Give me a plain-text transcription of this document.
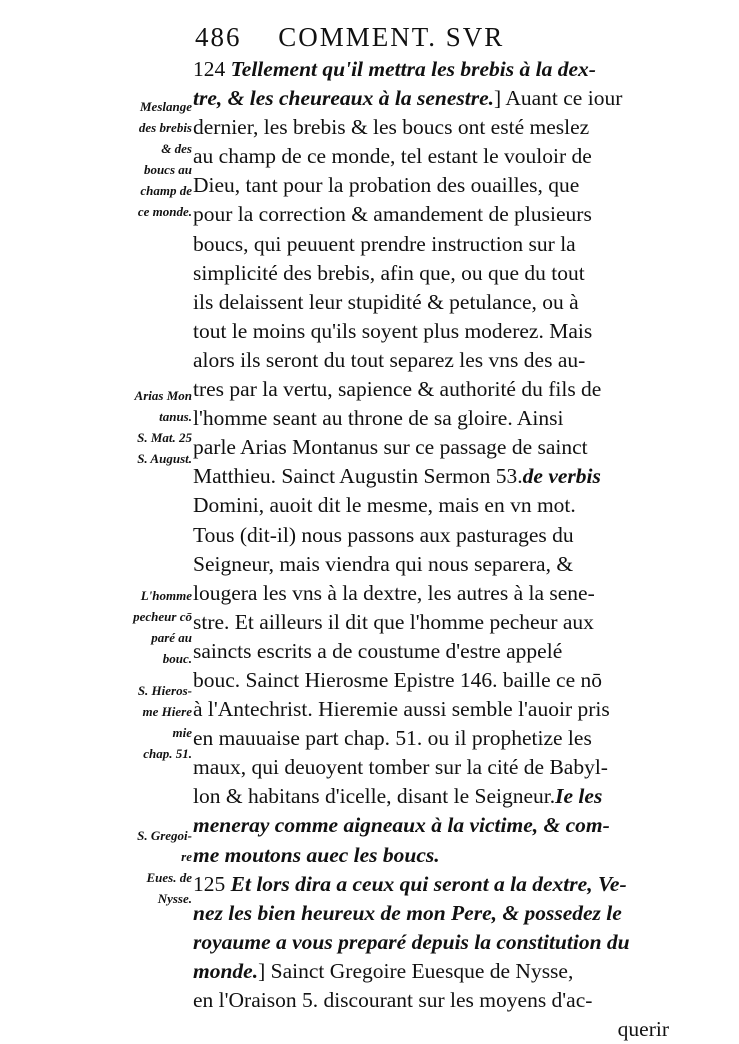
486 COMMENT. SVR
124 Tellement qu'il mettra les brebis à la dex-
tre, & les cheureaux à la senestre.] Auant ce iour
dernier, les brebis & les boucs ont esté meslez
au champ de ce monde, tel estant le vouloir de
Dieu, tant pour la probation des ouailles, que
pour la correction & amandement de plusieurs
boucs, qui peuuent prendre instruction sur la
simplicité des brebis, afin que, ou que du tout
ils delaissent leur stupidité & petulance, ou à
tout le moins qu'ils soyent plus moderez. Mais
alors ils seront du tout separez les vns des au-
tres par la vertu, sapience & authorité du fils de
l'homme seant au throne de sa gloire. Ainsi
parle Arias Montanus sur ce passage de sainct
Matthieu. Sainct Augustin Sermon 53.de verbis
Domini, auoit dit le mesme, mais en vn mot.
Tous (dit-il) nous passons aux pasturages du
Seigneur, mais viendra qui nous separera, &
lougera les vns à la dextre, les autres à la sene-
stre. Et ailleurs il dit que l'homme pecheur aux
saincts escrits a de coustume d'estre appelé
bouc. Sainct Hierosme Epistre 146. baille ce nō
à l'Antechrist. Hieremie aussi semble l'auoir pris
en mauuaise part chap. 51. ou il prophetize les
maux, qui deuoyent tomber sur la cité de Babyl-
lon & habitans d'icelle, disant le Seigneur.Ie les
meneray comme aigneaux à la victime, & com-
me moutons auec les boucs.
125 Et lors dira a ceux qui seront a la dextre, Ve-
nez les bien heureux de mon Pere, & possedez le
royaume a vous preparé depuis la constitution du
monde.] Sainct Gregoire Euesque de Nysse,
en l'Oraison 5. discourant sur les moyens d'ac-
querir
Meslange
des brebis
& des
boucs au
champ de
ce monde.
Arias Mon
tanus.
S. Mat. 25
S. August.
L'homme
pecheur cō
paré au
bouc.
S. Hieros-
me Hiere
mie
chap. 51.
S. Gregoi-
re
Eues. de
Nysse.
